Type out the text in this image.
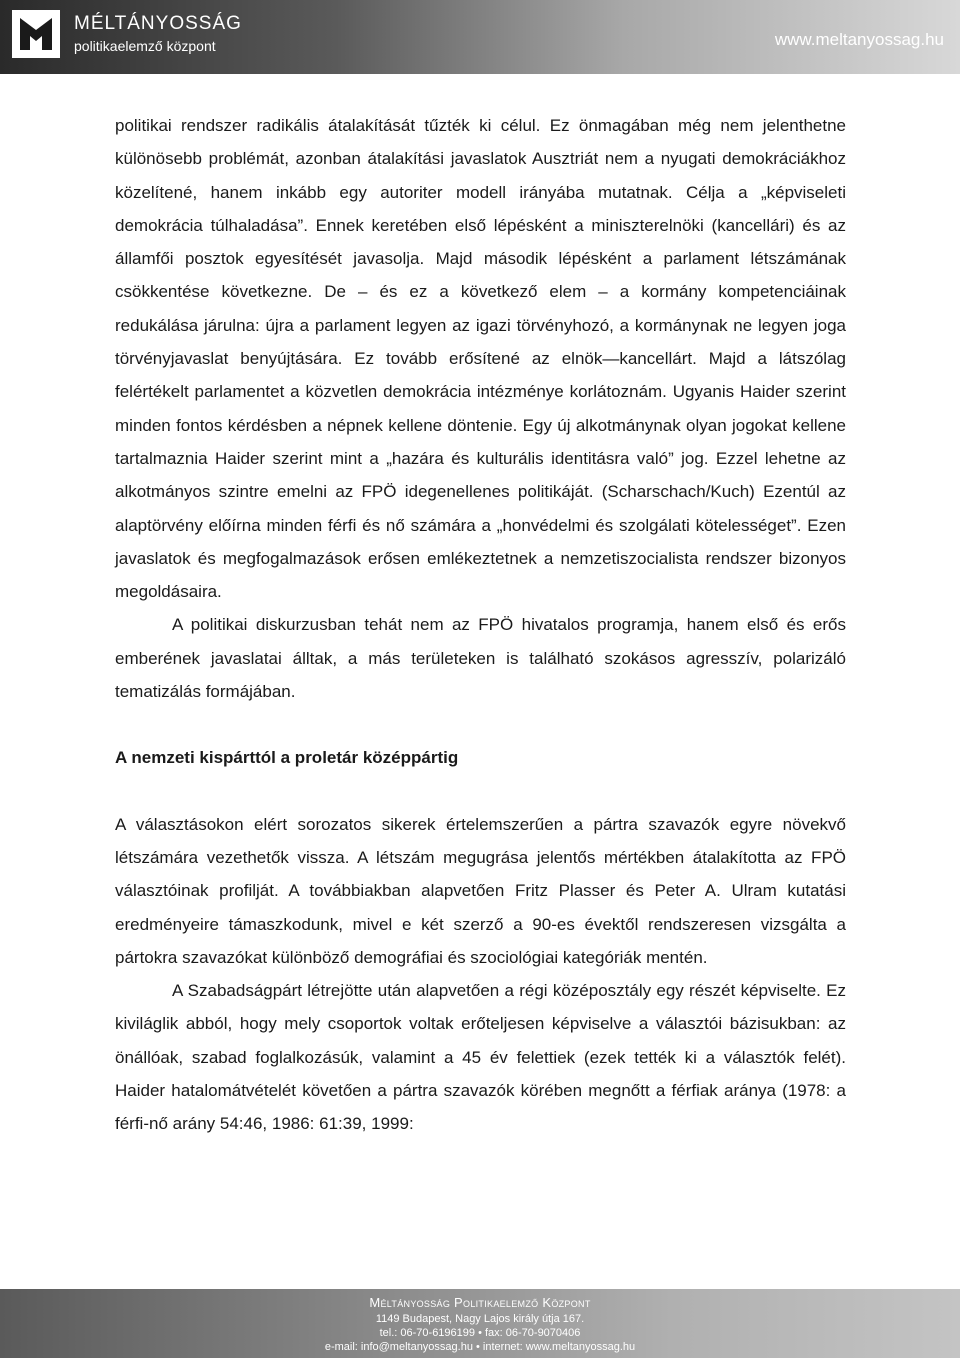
MÉLTÁNYOSSÁG
politikaelemző központ	www.meltanyossag.hu

politikai rendszer radikális átalakítását tűzték ki célul. Ez önmagában még nem jelenthetne különösebb problémát, azonban átalakítási javaslatok Ausztriát nem a nyugati demokráciákhoz közelítené, hanem inkább egy autoriter modell irányába mutatnak. Célja a „képviseleti demokrácia túlhaladása”. Ennek keretében első lépésként a miniszterelnöki (kancellári) és az államfői posztok egyesítését javasolja. Majd második lépésként a parlament létszámának csökkentése következne. De – és ez a következő elem – a kormány kompetenciáinak redukálása járulna: újra a parlament legyen az igazi törvényhozó, a kormánynak ne legyen joga törvényjavaslat benyújtására. Ez tovább erősítené az elnök—kancellárt. Majd a látszólag felértékelt parlamentet a közvetlen demokrácia intézménye korlátoznám. Ugyanis Haider szerint minden fontos kérdésben a népnek kellene döntenie. Egy új alkotmánynak olyan jogokat kellene tartalmaznia Haider szerint mint a „hazára és kulturális identitásra való” jog. Ezzel lehetne az alkotmányos szintre emelni az FPÖ idegenellenes politikáját. (Scharschach/Kuch) Ezentúl az alaptörvény előírna minden férfi és nő számára a „honvédelmi és szolgálati kötelességet”. Ezen javaslatok és megfogalmazások erősen emlékeztetnek a nemzetiszocialista rendszer bizonyos megoldásaira.

A politikai diskurzusban tehát nem az FPÖ hivatalos programja, hanem első és erős emberének javaslatai álltak, a más területeken is található szokásos agresszív, polarizáló tematizálás formájában.

A nemzeti kispárttól a proletár középpártig

A választásokon elért sorozatos sikerek értelemszerűen a pártra szavazók egyre növekvő létszámára vezethetők vissza. A létszám megugrása jelentős mértékben átalakította az FPÖ választóinak profilját. A továbbiakban alapvetően Fritz Plasser és Peter A. Ulram kutatási eredményeire támaszkodunk, mivel e két szerző a 90-es évektől rendszeresen vizsgálta a pártokra szavazókat különböző demográfiai és szociológiai kategóriák mentén.

A Szabadságpárt létrejötte után alapvetően a régi középosztály egy részét képviselte. Ez kiviláglik abból, hogy mely csoportok voltak erőteljesen képviselve a választói bázisukban: az önállóak, szabad foglalkozásúk, valamint a 45 év felettiek (ezek tették ki a választók felét). Haider hatalomátvételét követően a pártra szavazók körében megnőtt a férfiak aránya (1978: a férfi-nő arány 54:46, 1986: 61:39, 1999:

Méltányosság Politikaelemző Központ
1149 Budapest, Nagy Lajos király útja 167.
tel.: 06-70-6196199 • fax: 06-70-9070406
e-mail: info@meltanyossag.hu • internet: www.meltanyossag.hu
